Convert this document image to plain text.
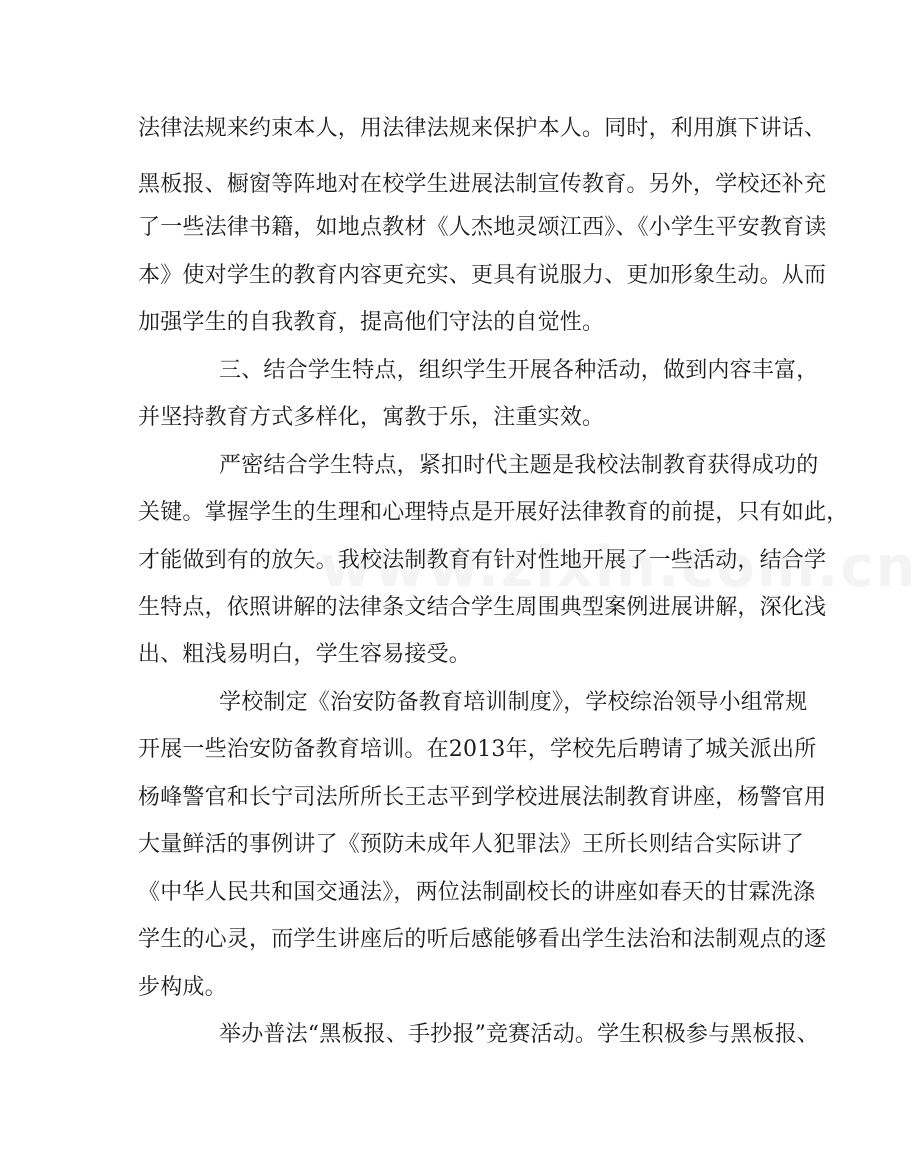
法律法规来约束本人，用法律法规来保护本人。同时，利用旗下讲话、
黑板报、橱窗等阵地对在校学生进展法制宣传教育。另外，学校还补充
了一些法律书籍，如地点教材《人杰地灵颂江西》、《小学生平安教育读
本》使对学生的教育内容更充实、更具有说服力、更加形象生动。从而
加强学生的自我教育，提高他们守法的自觉性。
三、结合学生特点，组织学生开展各种活动，做到内容丰富，
并坚持教育方式多样化，寓教于乐，注重实效。
严密结合学生特点，紧扣时代主题是我校法制教育获得成功的
关键。掌握学生的生理和心理特点是开展好法律教育的前提，只有如此，
才能做到有的放矢。我校法制教育有针对性地开展了一些活动，结合学
生特点，依照讲解的法律条文结合学生周围典型案例进展讲解，深化浅
出、粗浅易明白，学生容易接受。
学校制定《治安防备教育培训制度》，学校综治领导小组常规
开展一些治安防备教育培训。在2013年，学校先后聘请了城关派出所
杨峰警官和长宁司法所所长王志平到学校进展法制教育讲座，杨警官用
大量鲜活的事例讲了《预防未成年人犯罪法》王所长则结合实际讲了
《中华人民共和国交通法》，两位法制副校长的讲座如春天的甘霖洗涤
学生的心灵，而学生讲座后的听后感能够看出学生法治和法制观点的逐
步构成。
举办普法“黑板报、手抄报”竞赛活动。学生积极参与黑板报、
